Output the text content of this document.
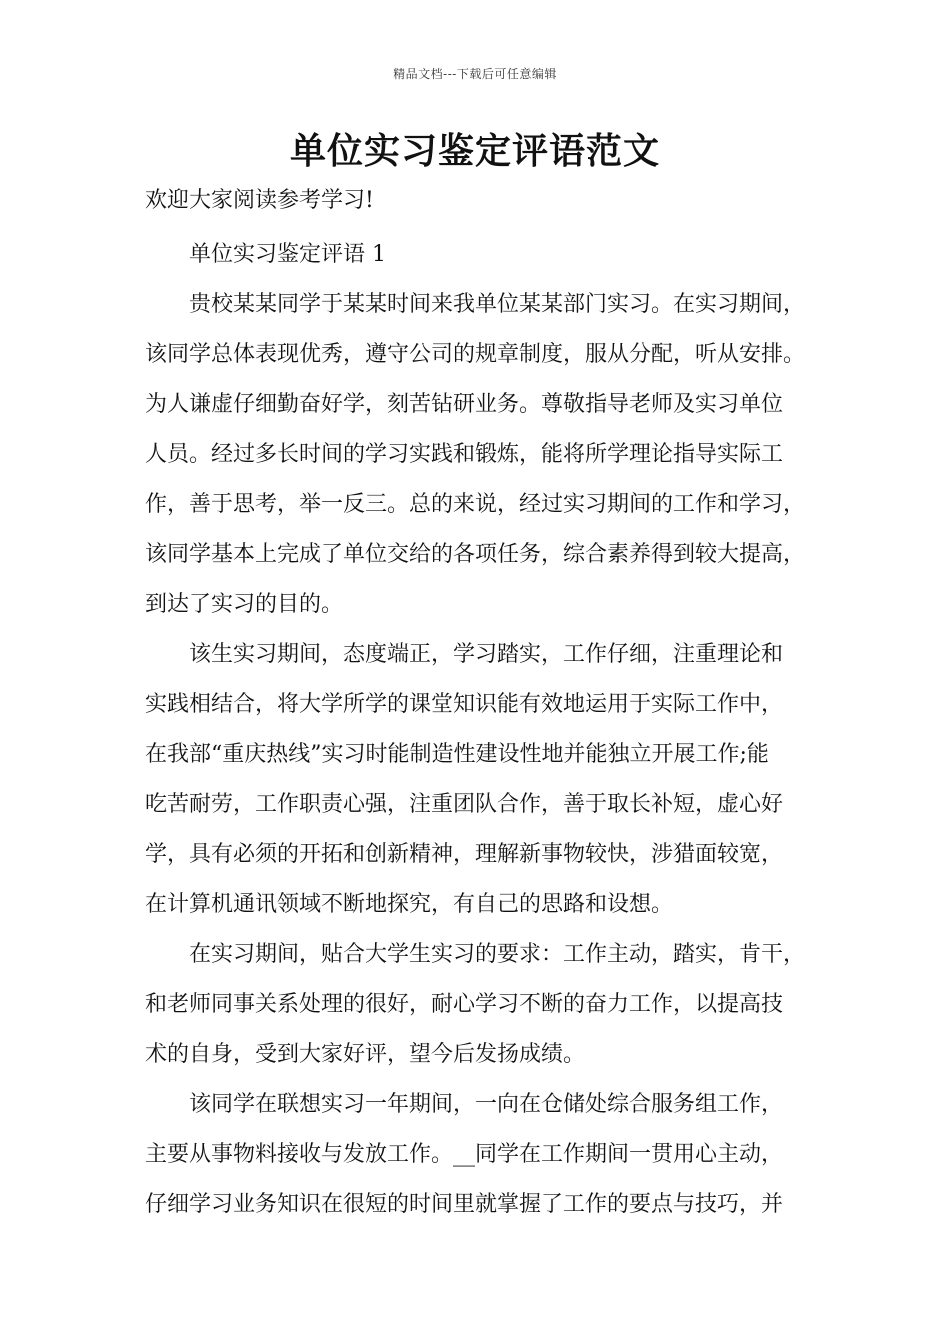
精品文档---下载后可任意编辑
单位实习鉴定评语范文

欢迎大家阅读参考学习!

单位实习鉴定评语 1

贵校某某同学于某某时间来我单位某某部门实习。在实习期间，
该同学总体表现优秀，遵守公司的规章制度，服从分配，听从安排。
为人谦虚仔细勤奋好学，刻苦钻研业务。尊敬指导老师及实习单位
人员。经过多长时间的学习实践和锻炼，能将所学理论指导实际工
作，善于思考，举一反三。总的来说，经过实习期间的工作和学习，
该同学基本上完成了单位交给的各项任务，综合素养得到较大提高，
到达了实习的目的。

该生实习期间，态度端正，学习踏实，工作仔细，注重理论和
实践相结合，将大学所学的课堂知识能有效地运用于实际工作中，
在我部“重庆热线”实习时能制造性建设性地并能独立开展工作;能
吃苦耐劳，工作职责心强，注重团队合作，善于取长补短，虚心好
学，具有必须的开拓和创新精神，理解新事物较快，涉猎面较宽，
在计算机通讯领域不断地探究，有自己的思路和设想。

在实习期间，贴合大学生实习的要求：工作主动，踏实，肯干，
和老师同事关系处理的很好，耐心学习不断的奋力工作，以提高技
术的自身，受到大家好评，望今后发扬成绩。

该同学在联想实习一年期间，一向在仓储处综合服务组工作，
主要从事物料接收与发放工作。__同学在工作期间一贯用心主动，
仔细学习业务知识在很短的时间里就掌握了工作的要点与技巧，并
